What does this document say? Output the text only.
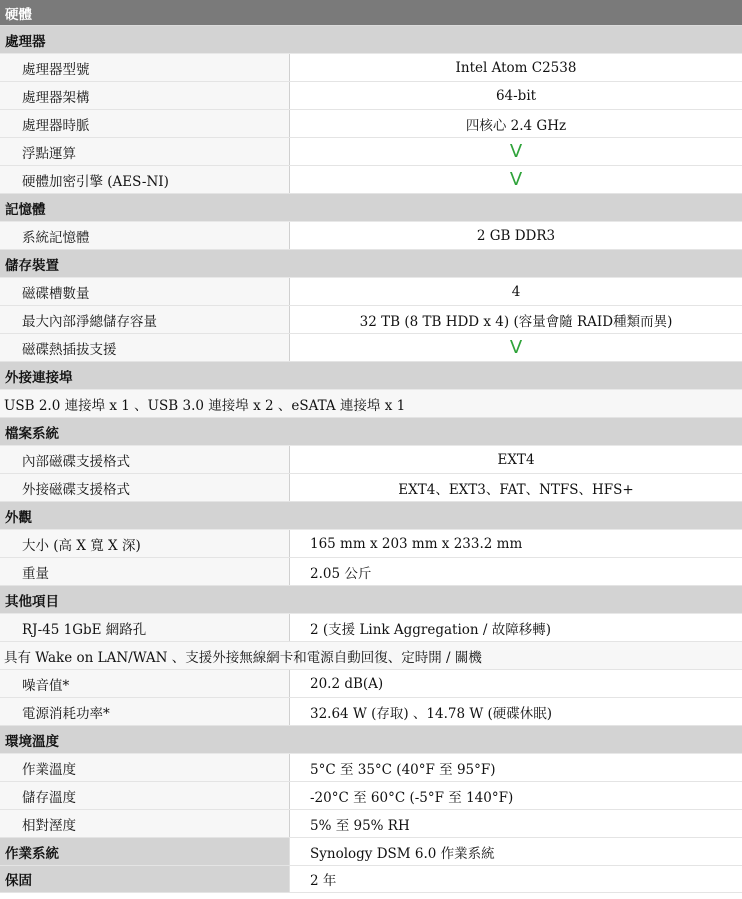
硬體
處理器
處理器型號	Intel Atom C2538
處理器架構	64-bit
處理器時脈	四核心 2.4 GHz
浮點運算	V
硬體加密引擎 (AES-NI)	V
記憶體
系統記憶體	2 GB DDR3
儲存裝置
磁碟槽數量	4
最大內部淨總儲存容量	32 TB (8 TB HDD x 4) (容量會隨 RAID種類而異)
磁碟熱插拔支援	V
外接連接埠
USB 2.0 連接埠 x 1 、USB 3.0 連接埠 x 2 、eSATA 連接埠 x 1
檔案系統
內部磁碟支援格式	EXT4
外接磁碟支援格式	EXT4、EXT3、FAT、NTFS、HFS+
外觀
大小 (高 X 寬 X 深)	165 mm x 203 mm x 233.2 mm
重量	2.05 公斤
其他項目
RJ-45 1GbE 網路孔	2 (支援 Link Aggregation / 故障移轉)
具有 Wake on LAN/WAN 、支援外接無線網卡和電源自動回復、定時開 / 關機
噪音值*	20.2 dB(A)
電源消耗功率*	32.64 W (存取) 、14.78 W (硬碟休眠)
環境溫度
作業溫度	5°C 至 35°C (40°F 至 95°F)
儲存溫度	-20°C 至 60°C (-5°F 至 140°F)
相對溼度	5% 至 95% RH
作業系統	Synology DSM 6.0 作業系統
保固	2 年
